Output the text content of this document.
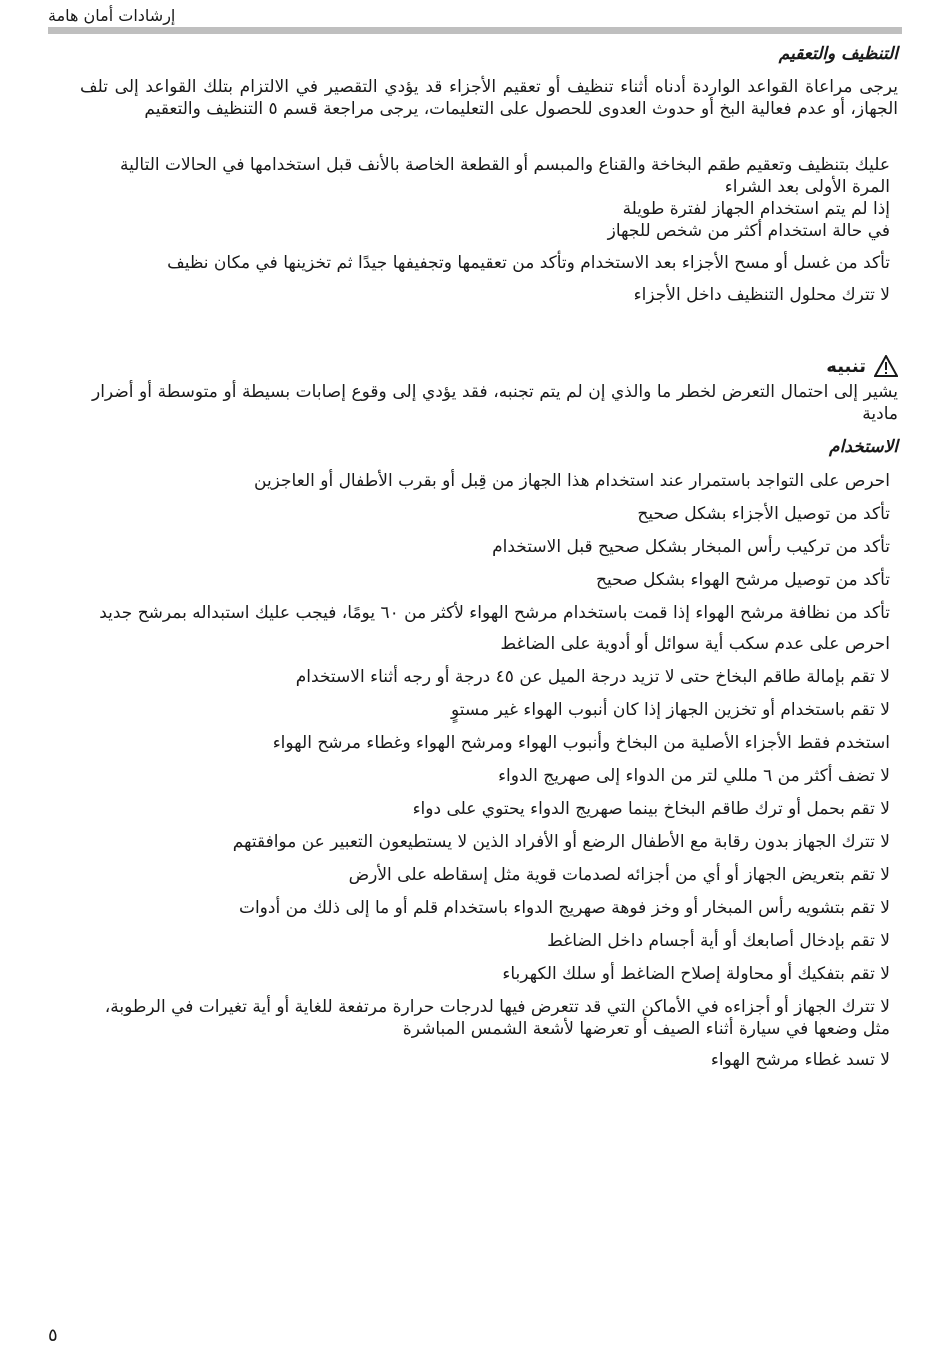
إرشادات أمان هامة
التنظيف والتعقيم
يرجى مراعاة القواعد الواردة أدناه أثناء تنظيف أو تعقيم الأجزاء قد يؤدي التقصير في الالتزام بتلك القواعد إلى تلف الجهاز، أو عدم فعالية البخ أو حدوث العدوى للحصول على التعليمات، يرجى مراجعة قسم ٥ التنظيف والتعقيم
عليك بتنظيف وتعقيم طقم البخاخة والقناع والمبسم أو القطعة الخاصة بالأنف قبل استخدامها في الحالات التالية
المرة الأولى بعد الشراء
إذا لم يتم استخدام الجهاز لفترة طويلة
في حالة استخدام أكثر من شخص للجهاز
تأكد من غسل أو مسح الأجزاء بعد الاستخدام وتأكد من تعقيمها وتجفيفها جيدًا ثم تخزينها في مكان نظيف
لا تترك محلول التنظيف داخل الأجزاء
تنبيه
يشير إلى احتمال التعرض لخطر ما والذي إن لم يتم تجنبه، فقد يؤدي إلى وقوع إصابات بسيطة أو متوسطة أو أضرار مادية
الاستخدام
احرص على التواجد باستمرار عند استخدام هذا الجهاز من قِبل أو بقرب الأطفال أو العاجزين
تأكد من توصيل الأجزاء بشكل صحيح
تأكد من تركيب رأس المبخار بشكل صحيح قبل الاستخدام
تأكد من توصيل مرشح الهواء بشكل صحيح
تأكد من نظافة مرشح الهواء إذا قمت باستخدام مرشح الهواء لأكثر من ٦٠ يومًا، فيجب عليك استبداله بمرشح جديد
احرص على عدم سكب أية سوائل أو أدوية على الضاغط
لا تقم بإمالة طاقم البخاخ حتى لا تزيد درجة الميل عن ٤٥ درجة أو رجه أثناء الاستخدام
لا تقم باستخدام أو تخزين الجهاز إذا كان أنبوب الهواء غير مستوٍ
استخدم فقط الأجزاء الأصلية من البخاخ وأنبوب الهواء ومرشح الهواء وغطاء مرشح الهواء
لا تضف أكثر من ٦ مللي لتر من الدواء إلى صهريج الدواء
لا تقم بحمل أو ترك طاقم البخاخ بينما صهريج الدواء يحتوي على دواء
لا تترك الجهاز بدون رقابة مع الأطفال الرضع أو الأفراد الذين لا يستطيعون التعبير عن موافقتهم
لا تقم بتعريض الجهاز أو أي من أجزائه لصدمات قوية مثل إسقاطه على الأرض
لا تقم بتشويه رأس المبخار أو وخز فوهة صهريج الدواء باستخدام قلم أو ما إلى ذلك من أدوات
لا تقم بإدخال أصابعك أو أية أجسام داخل الضاغط
لا تقم بتفكيك أو محاولة إصلاح الضاغط أو سلك الكهرباء
لا تترك الجهاز أو أجزاءه في الأماكن التي قد تتعرض فيها لدرجات حرارة مرتفعة للغاية أو أية تغيرات في الرطوبة، مثل وضعها في سيارة أثناء الصيف أو تعرضها لأشعة الشمس المباشرة
لا تسد غطاء مرشح الهواء
٥
